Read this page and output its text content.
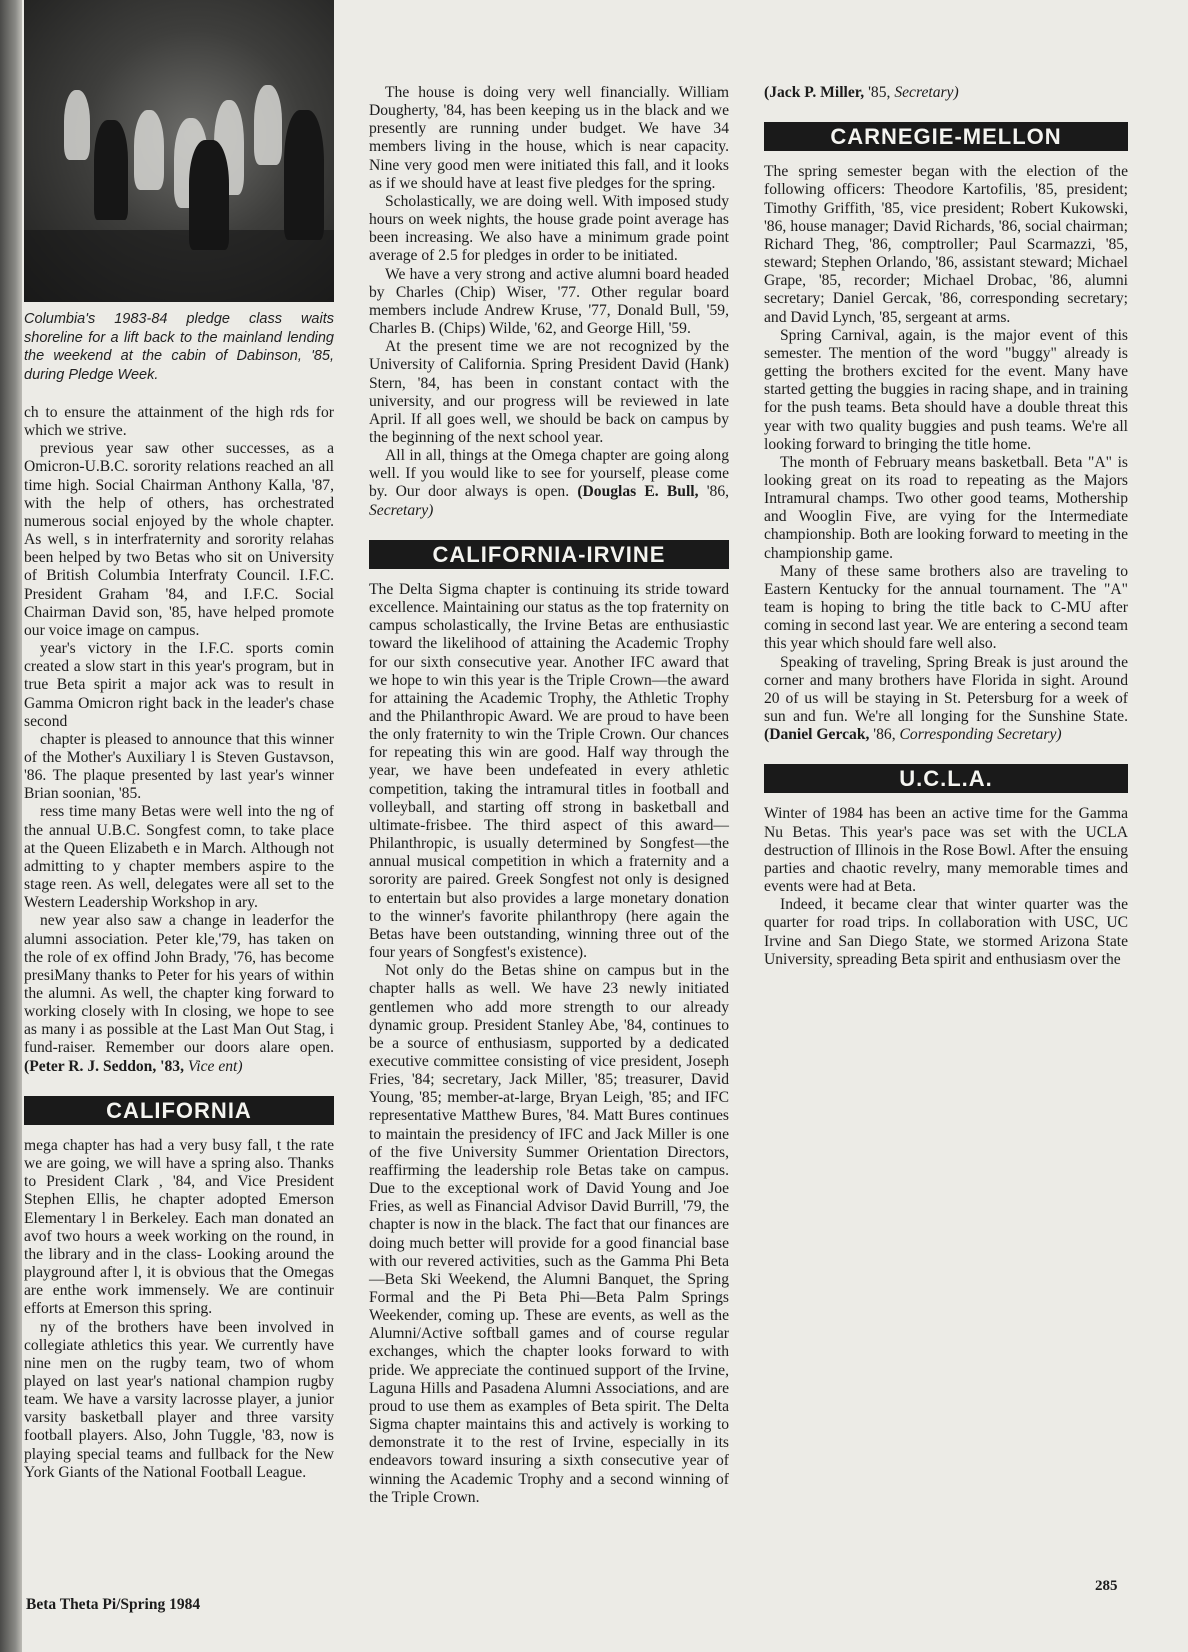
Columbia's 1983-84 pledge class waits shoreline for a lift back to the mainland lending the weekend at the cabin of Dabinson, '85, during Pledge Week.

ch to ensure the attainment of the high rds for which we strive.

previous year saw other successes, as a Omicron-U.B.C. sorority relations reached an all time high. Social Chairman Anthony Kalla, '87, with the help of others, has orchestrated numerous social enjoyed by the whole chapter. As well, s in interfraternity and sorority relahas been helped by two Betas who sit on University of British Columbia Interfraty Council. I.F.C. President Graham '84, and I.F.C. Social Chairman David son, '85, have helped promote our voice image on campus.

year's victory in the I.F.C. sports comin created a slow start in this year's program, but in true Beta spirit a major ack was to result in Gamma Omicron right back in the leader's chase second

chapter is pleased to announce that this winner of the Mother's Auxiliary l is Steven Gustavson, '86. The plaque presented by last year's winner Brian soonian, '85.

ress time many Betas were well into the ng of the annual U.B.C. Songfest comn, to take place at the Queen Elizabeth e in March. Although not admitting to y chapter members aspire to the stage reen. As well, delegates were all set to the Western Leadership Workshop in ary.

new year also saw a change in leaderfor the alumni association. Peter kle,'79, has taken on the role of ex offind John Brady, '76, has become presiMany thanks to Peter for his years of within the alumni. As well, the chapter king forward to working closely with In closing, we hope to see as many i as possible at the Last Man Out Stag, i fund-raiser. Remember our doors alare open. (Peter R. J. Seddon, '83, Vice ent)

CALIFORNIA

mega chapter has had a very busy fall, t the rate we are going, we will have a spring also. Thanks to President Clark , '84, and Vice President Stephen Ellis, he chapter adopted Emerson Elementary l in Berkeley. Each man donated an avof two hours a week working on the round, in the library and in the class- Looking around the playground after l, it is obvious that the Omegas are enthe work immensely. We are continuir efforts at Emerson this spring.

ny of the brothers have been involved in collegiate athletics this year. We currently have nine men on the rugby team, two of whom played on last year's national champion rugby team. We have a varsity lacrosse player, a junior varsity basketball player and three varsity football players. Also, John Tuggle, '83, now is playing special teams and fullback for the New York Giants of the National Football League.

The house is doing very well financially. William Dougherty, '84, has been keeping us in the black and we presently are running under budget. We have 34 members living in the house, which is near capacity. Nine very good men were initiated this fall, and it looks as if we should have at least five pledges for the spring.

Scholastically, we are doing well. With imposed study hours on week nights, the house grade point average has been increasing. We also have a minimum grade point average of 2.5 for pledges in order to be initiated.

We have a very strong and active alumni board headed by Charles (Chip) Wiser, '77. Other regular board members include Andrew Kruse, '77, Donald Bull, '59, Charles B. (Chips) Wilde, '62, and George Hill, '59.

At the present time we are not recognized by the University of California. Spring President David (Hank) Stern, '84, has been in constant contact with the university, and our progress will be reviewed in late April. If all goes well, we should be back on campus by the beginning of the next school year.

All in all, things at the Omega chapter are going along well. If you would like to see for yourself, please come by. Our door always is open. (Douglas E. Bull, '86, Secretary)

CALIFORNIA-IRVINE

The Delta Sigma chapter is continuing its stride toward excellence. Maintaining our status as the top fraternity on campus scholastically, the Irvine Betas are enthusiastic toward the likelihood of attaining the Academic Trophy for our sixth consecutive year. Another IFC award that we hope to win this year is the Triple Crown—the award for attaining the Academic Trophy, the Athletic Trophy and the Philanthropic Award. We are proud to have been the only fraternity to win the Triple Crown. Our chances for repeating this win are good. Half way through the year, we have been undefeated in every athletic competition, taking the intramural titles in football and volleyball, and starting off strong in basketball and ultimate-frisbee. The third aspect of this award—Philanthropic, is usually determined by Songfest—the annual musical competition in which a fraternity and a sorority are paired. Greek Songfest not only is designed to entertain but also provides a large monetary donation to the winner's favorite philanthropy (here again the Betas have been outstanding, winning three out of the four years of Songfest's existence).

Not only do the Betas shine on campus but in the chapter halls as well. We have 23 newly initiated gentlemen who add more strength to our already dynamic group. President Stanley Abe, '84, continues to be a source of enthusiasm, supported by a dedicated executive committee consisting of vice president, Joseph Fries, '84; secretary, Jack Miller, '85; treasurer, David Young, '85; member-at-large, Bryan Leigh, '85; and IFC representative Matthew Bures, '84. Matt Bures continues to maintain the presidency of IFC and Jack Miller is one of the five University Summer Orientation Directors, reaffirming the leadership role Betas take on campus. Due to the exceptional work of David Young and Joe Fries, as well as Financial Advisor David Burrill, '79, the chapter is now in the black. The fact that our finances are doing much better will provide for a good financial base with our revered activities, such as the Gamma Phi Beta—Beta Ski Weekend, the Alumni Banquet, the Spring Formal and the Pi Beta Phi—Beta Palm Springs Weekender, coming up. These are events, as well as the Alumni/Active softball games and of course regular exchanges, which the chapter looks forward to with pride. We appreciate the continued support of the Irvine, Laguna Hills and Pasadena Alumni Associations, and are proud to use them as examples of Beta spirit. The Delta Sigma chapter maintains this and actively is working to demonstrate it to the rest of Irvine, especially in its endeavors toward insuring a sixth consecutive year of winning the Academic Trophy and a second winning of the Triple Crown.

(Jack P. Miller, '85, Secretary)

CARNEGIE-MELLON

The spring semester began with the election of the following officers: Theodore Kartofilis, '85, president; Timothy Griffith, '85, vice president; Robert Kukowski, '86, house manager; David Richards, '86, social chairman; Richard Theg, '86, comptroller; Paul Scarmazzi, '85, steward; Stephen Orlando, '86, assistant steward; Michael Grape, '85, recorder; Michael Drobac, '86, alumni secretary; Daniel Gercak, '86, corresponding secretary; and David Lynch, '85, sergeant at arms.

Spring Carnival, again, is the major event of this semester. The mention of the word "buggy" already is getting the brothers excited for the event. Many have started getting the buggies in racing shape, and in training for the push teams. Beta should have a double threat this year with two quality buggies and push teams. We're all looking forward to bringing the title home.

The month of February means basketball. Beta "A" is looking great on its road to repeating as the Majors Intramural champs. Two other good teams, Mothership and Wooglin Five, are vying for the Intermediate championship. Both are looking forward to meeting in the championship game.

Many of these same brothers also are traveling to Eastern Kentucky for the annual tournament. The "A" team is hoping to bring the title back to C-MU after coming in second last year. We are entering a second team this year which should fare well also.

Speaking of traveling, Spring Break is just around the corner and many brothers have Florida in sight. Around 20 of us will be staying in St. Petersburg for a week of sun and fun. We're all longing for the Sunshine State. (Daniel Gercak, '86, Corresponding Secretary)

U.C.L.A.

Winter of 1984 has been an active time for the Gamma Nu Betas. This year's pace was set with the UCLA destruction of Illinois in the Rose Bowl. After the ensuing parties and chaotic revelry, many memorable times and events were had at Beta.

Indeed, it became clear that winter quarter was the quarter for road trips. In collaboration with USC, UC Irvine and San Diego State, we stormed Arizona State University, spreading Beta spirit and enthusiasm over the

Beta Theta Pi/Spring 1984
285
